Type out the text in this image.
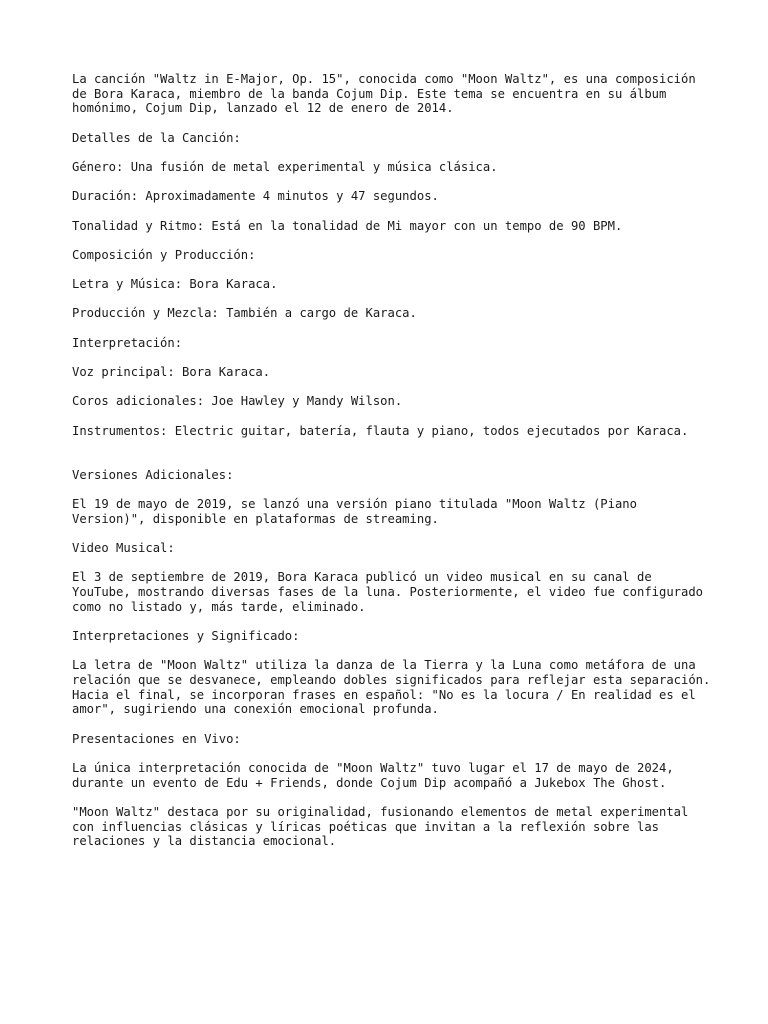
La canción "Waltz in E-Major, Op. 15", conocida como "Moon Waltz", es una composición de Bora Karaca, miembro de la banda Cojum Dip. Este tema se encuentra en su álbum homónimo, Cojum Dip, lanzado el 12 de enero de 2014.

Detalles de la Canción:

Género: Una fusión de metal experimental y música clásica.

Duración: Aproximadamente 4 minutos y 47 segundos.

Tonalidad y Ritmo: Está en la tonalidad de Mi mayor con un tempo de 90 BPM.

Composición y Producción:

Letra y Música: Bora Karaca.

Producción y Mezcla: También a cargo de Karaca.

Interpretación:

Voz principal: Bora Karaca.

Coros adicionales: Joe Hawley y Mandy Wilson.

Instrumentos: Electric guitar, batería, flauta y piano, todos ejecutados por Karaca.

Versiones Adicionales:

El 19 de mayo de 2019, se lanzó una versión piano titulada "Moon Waltz (Piano Version)", disponible en plataformas de streaming.

Video Musical:

El 3 de septiembre de 2019, Bora Karaca publicó un video musical en su canal de YouTube, mostrando diversas fases de la luna. Posteriormente, el video fue configurado como no listado y, más tarde, eliminado.

Interpretaciones y Significado:

La letra de "Moon Waltz" utiliza la danza de la Tierra y la Luna como metáfora de una relación que se desvanece, empleando dobles significados para reflejar esta separación. Hacia el final, se incorporan frases en español: "No es la locura / En realidad es el amor", sugiriendo una conexión emocional profunda.

Presentaciones en Vivo:

La única interpretación conocida de "Moon Waltz" tuvo lugar el 17 de mayo de 2024, durante un evento de Edu + Friends, donde Cojum Dip acompañó a Jukebox The Ghost.

"Moon Waltz" destaca por su originalidad, fusionando elementos de metal experimental con influencias clásicas y líricas poéticas que invitan a la reflexión sobre las relaciones y la distancia emocional.
